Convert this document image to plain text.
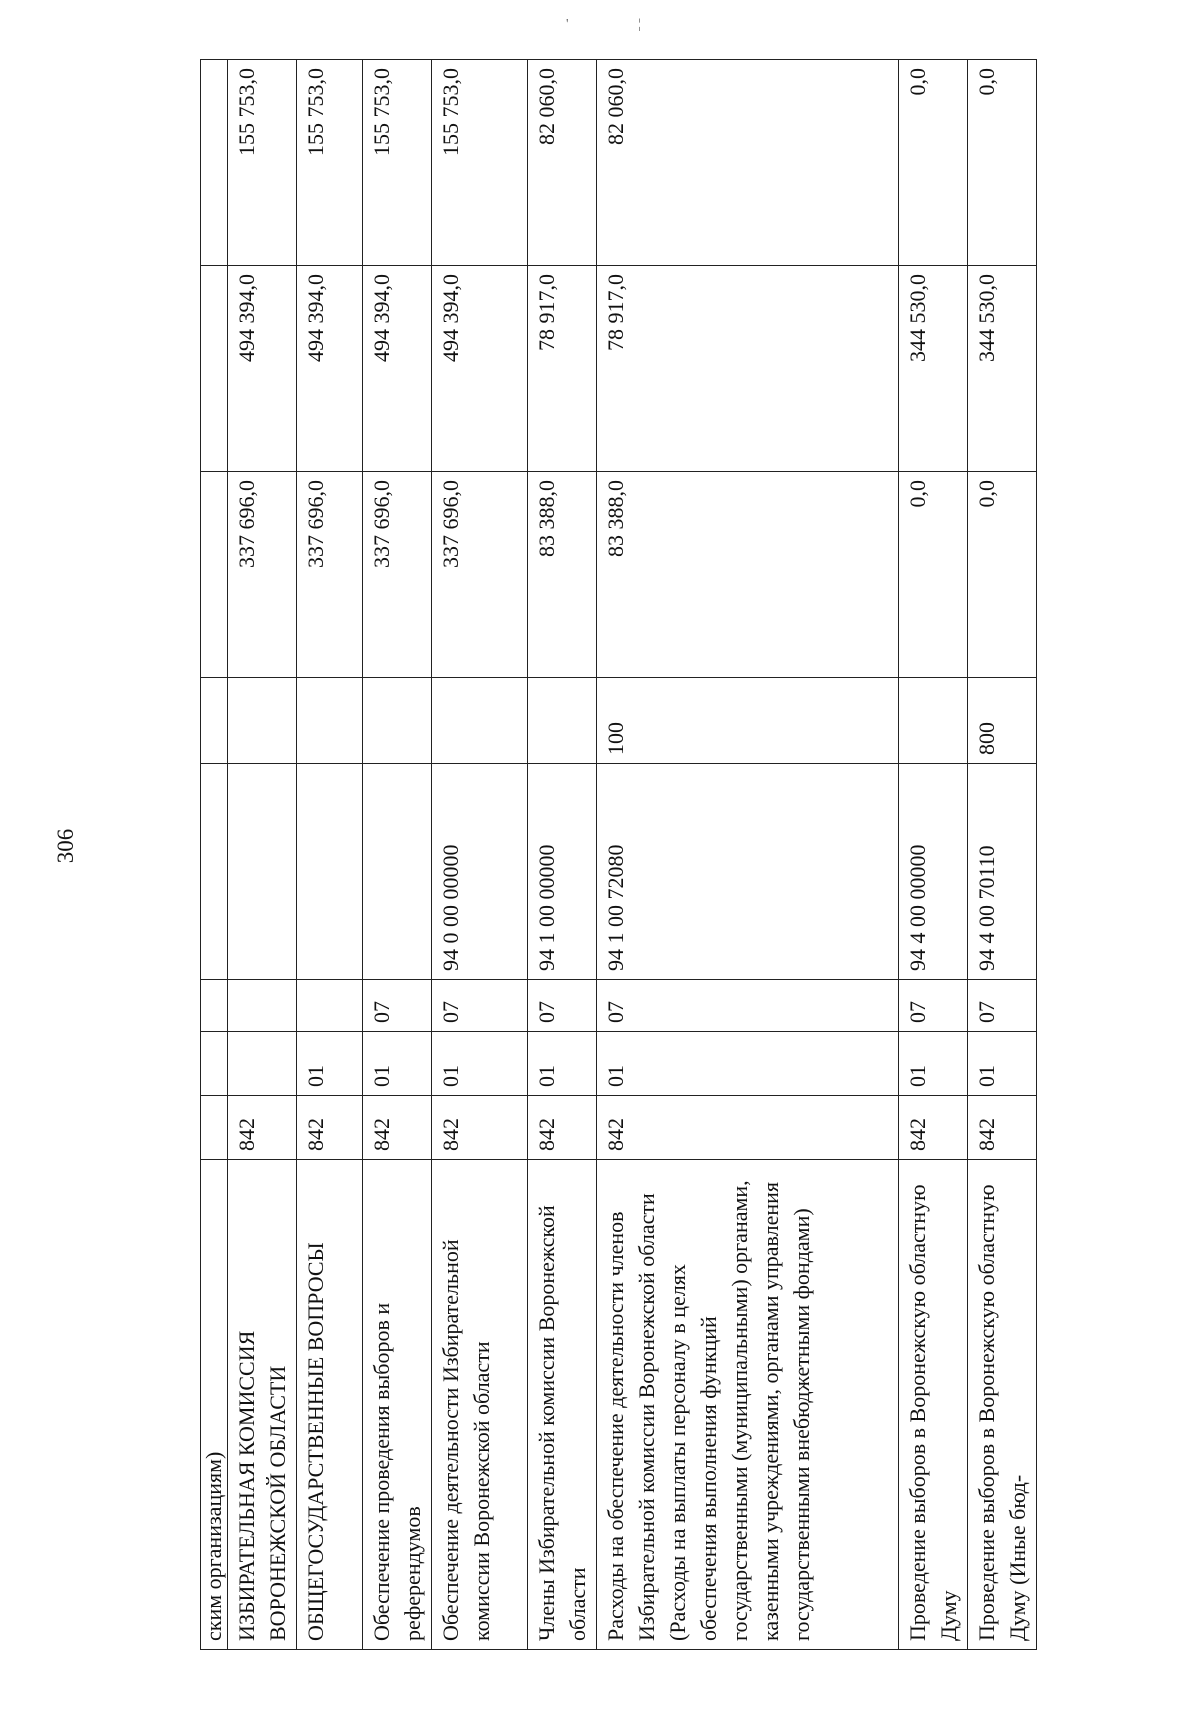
306
'	¦
ским организациям)								
ИЗБИРАТЕЛЬНАЯ КОМИССИЯ ВОРОНЕЖСКОЙ ОБЛАСТИ	842					337 696,0	494 394,0	155 753,0
ОБЩЕГОСУДАРСТВЕННЫЕ ВОПРОСЫ	842	01				337 696,0	494 394,0	155 753,0
Обеспечение проведения выборов и референдумов	842	01	07			337 696,0	494 394,0	155 753,0
Обеспечение деятельности Избирательной комиссии Воронежской области	842	01	07	94 0 00 00000		337 696,0	494 394,0	155 753,0
Члены Избирательной комиссии Воронежской области	842	01	07	94 1 00 00000		83 388,0	78 917,0	82 060,0
Расходы на обеспечение деятельности членов Избирательной комиссии Воронежской области (Расходы на выплаты персоналу в целях обеспечения выполнения функций государственными (муниципальными) органами, казенными учреждениями, органами управления государственными внебюджетными фондами)	842	01	07	94 1 00 72080	100	83 388,0	78 917,0	82 060,0
Проведение выборов в Воронежскую областную Думу	842	01	07	94 4 00 00000		0,0	344 530,0	0,0
Проведение выборов в Воронежскую областную Думу (Иные бюд-	842	01	07	94 4 00 70110	800	0,0	344 530,0	0,0
